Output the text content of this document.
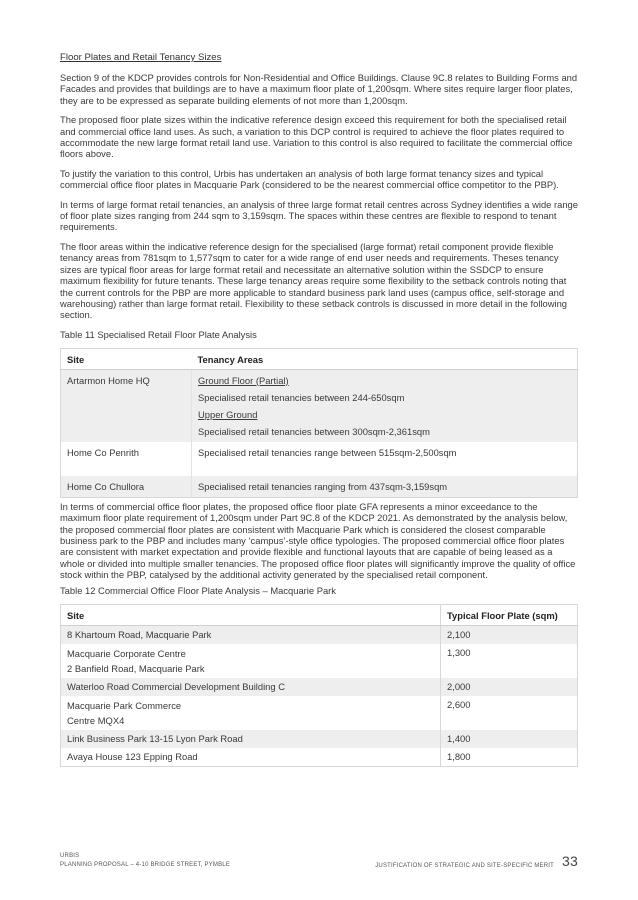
Floor Plates and Retail Tenancy Sizes

Section 9 of the KDCP provides controls for Non-Residential and Office Buildings. Clause 9C.8 relates to Building Forms and Facades and provides that buildings are to have a maximum floor plate of 1,200sqm. Where sites require larger floor plates, they are to be expressed as separate building elements of not more than 1,200sqm.

The proposed floor plate sizes within the indicative reference design exceed this requirement for both the specialised retail and commercial office land uses. As such, a variation to this DCP control is required to achieve the floor plates required to accommodate the new large format retail land use. Variation to this control is also required to facilitate the commercial office floors above.

To justify the variation to this control, Urbis has undertaken an analysis of both large format tenancy sizes and typical commercial office floor plates in Macquarie Park (considered to be the nearest commercial office competitor to the PBP).

In terms of large format retail tenancies, an analysis of three large format retail centres across Sydney identifies a wide range of floor plate sizes ranging from 244 sqm to 3,159sqm. The spaces within these centres are flexible to respond to tenant requirements.

The floor areas within the indicative reference design for the specialised (large format) retail component provide flexible tenancy areas from 781sqm to 1,577sqm to cater for a wide range of end user needs and requirements. Theses tenancy sizes are typical floor areas for large format retail and necessitate an alternative solution within the SSDCP to ensure maximum flexibility for future tenants. These large tenancy areas require some flexibility to the setback controls noting that the current controls for the PBP are more applicable to standard business park land uses (campus office, self-storage and warehousing) rather than large format retail. Flexibility to these setback controls is discussed in more detail in the following section.

Table 11 Specialised Retail Floor Plate Analysis
Site	Tenancy Areas

Artarmon Home HQ	Ground Floor (Partial)
Specialised retail tenancies between 244-650sqm
Upper Ground
Specialised retail tenancies between 300sqm-2,361sqm

Home Co Penrith	Specialised retail tenancies range between 515sqm-2,500sqm

Home Co Chullora	Specialised retail tenancies ranging from 437sqm-3,159sqm

In terms of commercial office floor plates, the proposed office floor plate GFA represents a minor exceedance to the maximum floor plate requirement of 1,200sqm under Part 9C.8 of the KDCP 2021. As demonstrated by the analysis below, the proposed commercial floor plates are consistent with Macquarie Park which is considered the closest comparable business park to the PBP and includes many ‘campus’-style office typologies. The proposed commercial office floor plates are consistent with market expectation and provide flexible and functional layouts that are capable of being leased as a whole or divided into multiple smaller tenancies. The proposed office floor plates will significantly improve the quality of office stock within the PBP, catalysed by the additional activity generated by the specialised retail component.

Table 12 Commercial Office Floor Plate Analysis – Macquarie Park
Site	Typical Floor Plate (sqm)
8 Khartoum Road, Macquarie Park	2,100

Macquarie Corporate Centre
2 Banfield Road, Macquarie Park	1,300
Waterloo Road Commercial Development Building C	2,000

Macquarie Park Commerce
Centre MQX4	2,600
Link Business Park 13-15 Lyon Park Road	1,400
Avaya House 123 Epping Road	1,800
URBIS
PLANNING PROPOSAL – 4-10 BRIDGE STREET, PYMBLE	JUSTIFICATION OF STRATEGIC AND SITE-SPECIFIC MERIT 33
